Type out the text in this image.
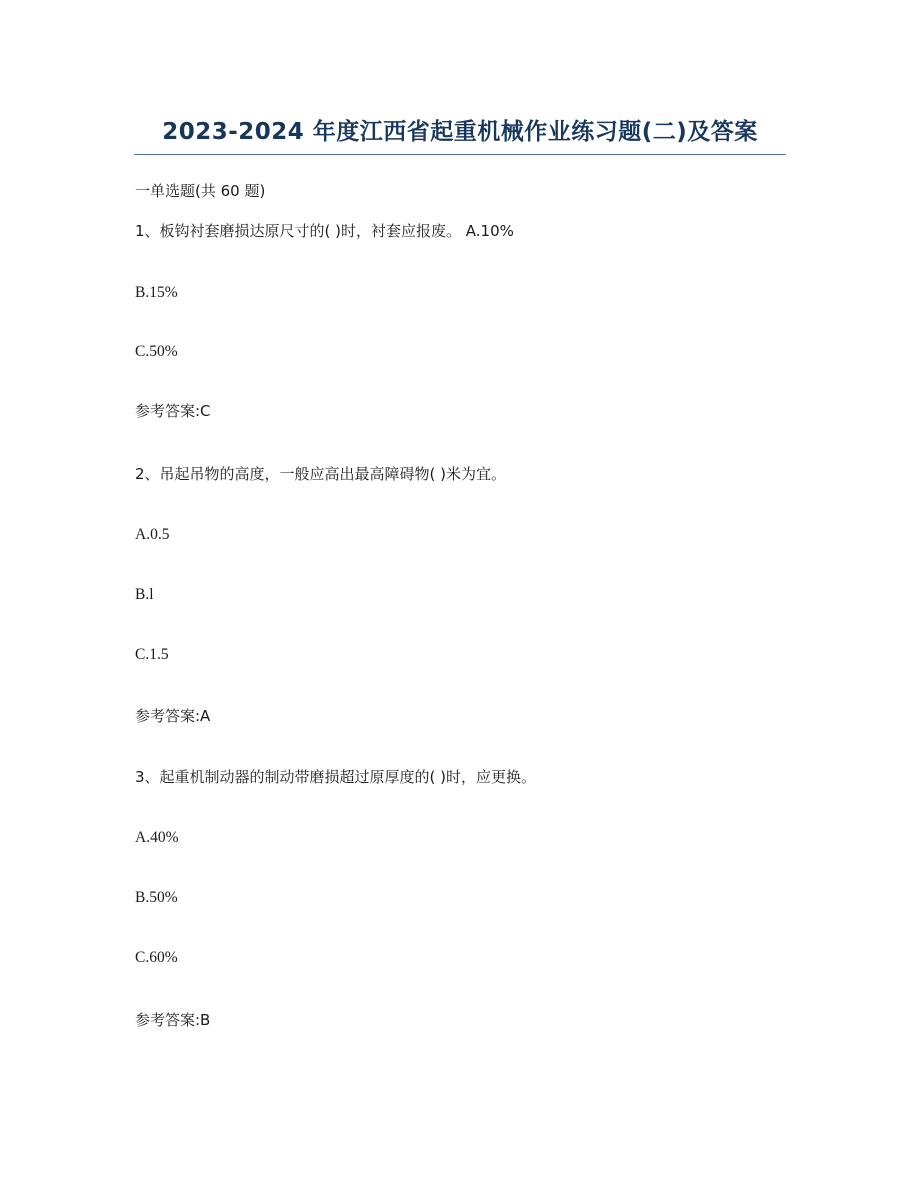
2023-2024 年度江西省起重机械作业练习题(二)及答案
一单选题(共 60 题)
1、板钩衬套磨损达原尺寸的( )时，衬套应报废。 A.10%
B.15%
C.50%
参考答案:C
2、吊起吊物的高度，一般应高出最高障碍物( )米为宜。
A.0.5
B.l
C.1.5
参考答案:A
3、起重机制动器的制动带磨损超过原厚度的( )时，应更换。
A.40%
B.50%
C.60%
参考答案:B
